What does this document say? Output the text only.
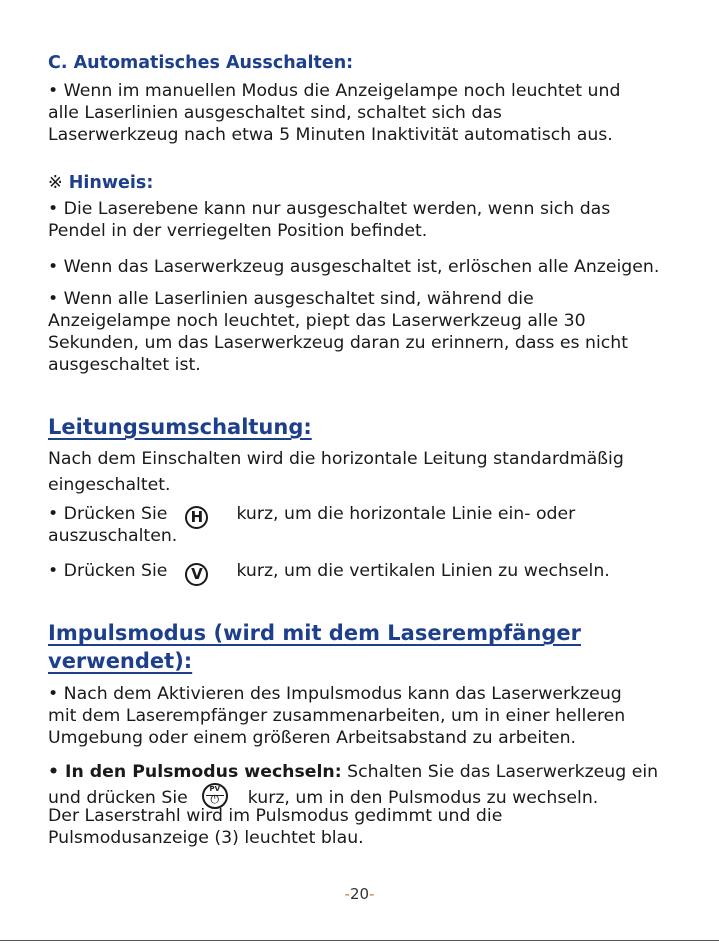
C. Automatisches Ausschalten:

• Wenn im manuellen Modus die Anzeigelampe noch leuchtet und

alle Laserlinien ausgeschaltet sind, schaltet sich das

Laserwerkzeug nach etwa 5 Minuten Inaktivität automatisch aus.

※ Hinweis:

• Die Laserebene kann nur ausgeschaltet werden, wenn sich das

Pendel in der verriegelten Position befindet.

• Wenn das Laserwerkzeug ausgeschaltet ist, erlöschen alle Anzeigen.

• Wenn alle Laserlinien ausgeschaltet sind, während die

Anzeigelampe noch leuchtet, piept das Laserwerkzeug alle 30

Sekunden, um das Laserwerkzeug daran zu erinnern, dass es nicht

ausgeschaltet ist.

Leitungsumschaltung:

Nach dem Einschalten wird die horizontale Leitung standardmäßig

eingeschaltet.

• Drücken Sie H kurz, um die horizontale Linie ein- oder

auszuschalten.

• Drücken Sie V kurz, um die vertikalen Linien zu wechseln.

Impulsmodus (wird mit dem Laserempfänger

verwendet):

• Nach dem Aktivieren des Impulsmodus kann das Laserwerkzeug

mit dem Laserempfänger zusammenarbeiten, um in einer helleren

Umgebung oder einem größeren Arbeitsabstand zu arbeiten.

• In den Pulsmodus wechseln: Schalten Sie das Laserwerkzeug ein

und drücken Sie	PV
⏻	kurz, um in den Pulsmodus zu wechseln.

Der Laserstrahl wird im Pulsmodus gedimmt und die

Pulsmodusanzeige (3) leuchtet blau.

-20-
